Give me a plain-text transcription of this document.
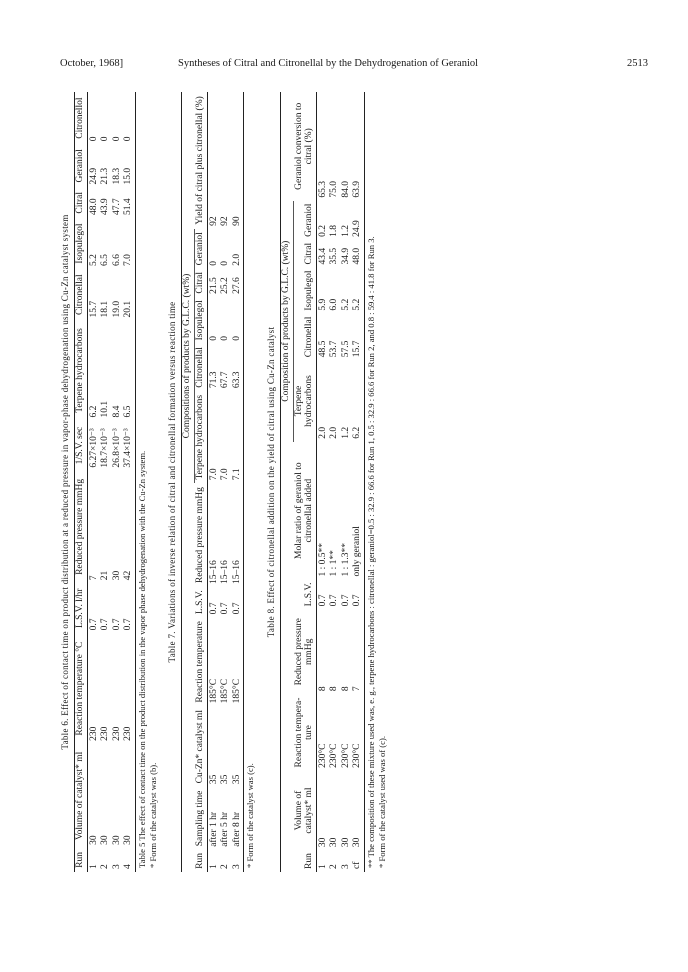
October, 1968]	Syntheses of Citral and Citronellal by the Dehydrogenation of Geraniol	2513
Table 6. Effect of contact time on product distribution at a reduced pressure in vapor-phase dehydrogenation using Cu-Zn catalyst system
Run	Volume of catalyst* ml	Reaction temperature °C	L.S.V. l/hr	Reduced pressure mmHg	1/S.V. sec	Terpene hydrocarbons	Citronellal	Isopulegol	Citral	Geraniol	Citronellol
1	30	230	0.7	7	6.27×10⁻³	6.2	15.7	5.2	48.0	24.9	0
2	30	230	0.7	21	18.7×10⁻³	10.1	18.1	6.5	43.9	21.3	0
3	30	230	0.7	30	26.8×10⁻³	8.4	19.0	6.6	47.7	18.3	0
4	30	230	0.7	42	37.4×10⁻³	6.5	20.1	7.0	51.4	15.0	0
Table 5 The effect of contact time on the product distribution in the vapor phase dehydrogenation with the Cu-Zn system. * Form of the catalyst was (b).
Table 7. Variations of inverse relation of citral and citronellal formation versus reaction time
Run	Sampling time	Cu-Zn* catalyst ml	Reaction temperature	L.S.V.	Reduced pressure mmHg	Compositions of products by G.L.C. (wt%)					Yield of citral plus citronellal (%)
						Terpene hydrocarbons	Citronellal	Isopulegol	Citral	Geraniol	
1	after 1 hr	35	185°C	0.7	15–16	7.0	71.3	0	21.5	0	92
2	after 5 hr	35	185°C	0.7	15–16	7.0	67.7	0	25.2	0	92
3	after 8 hr	35	185°C	0.7	15–16	7.1	63.3	0	27.6	2.0	90
* Form of the catalyst was (c).
Table 8. Effect of citronellal addition on the yield of citral using Cu-Zn catalyst
Run	Volume of catalyst* ml	Reaction tempera-ture	Reduced pressure mmHg	L.S.V.	Molar ratio of geraniol to citronellal added	Composition of products by G.L.C. (wt%)					Geraniol conversion to citral (%)
						Terpene hydrocarbons	Citronellal	Isopulegol	Citral	Geraniol	
1	30	230°C	8	0.7	1 : 0.5**	2.0	48.5	5.9	43.4	0.2	65.3
2	30	230°C	8	0.7	1 : 1**	2.0	53.7	6.0	35.5	1.8	75.0
3	30	230°C	8	0.7	1 : 1.3**	1.2	57.5	5.2	34.9	1.2	84.0
cf	30	230°C	7	0.7	only geraniol	6.2	15.7	5.2	48.0	24.9	63.9
** The composition of these mixture used was, e. g., terpene hydrocarbons : citronellal : geraniol=0.5 : 32.9 : 66.6 for Run 1, 0.5 : 32.9 : 66.6 for Run 2, and 0.8 : 59.4 : 41.8 for Run 3. * Form of the catalyst used was of (c).
